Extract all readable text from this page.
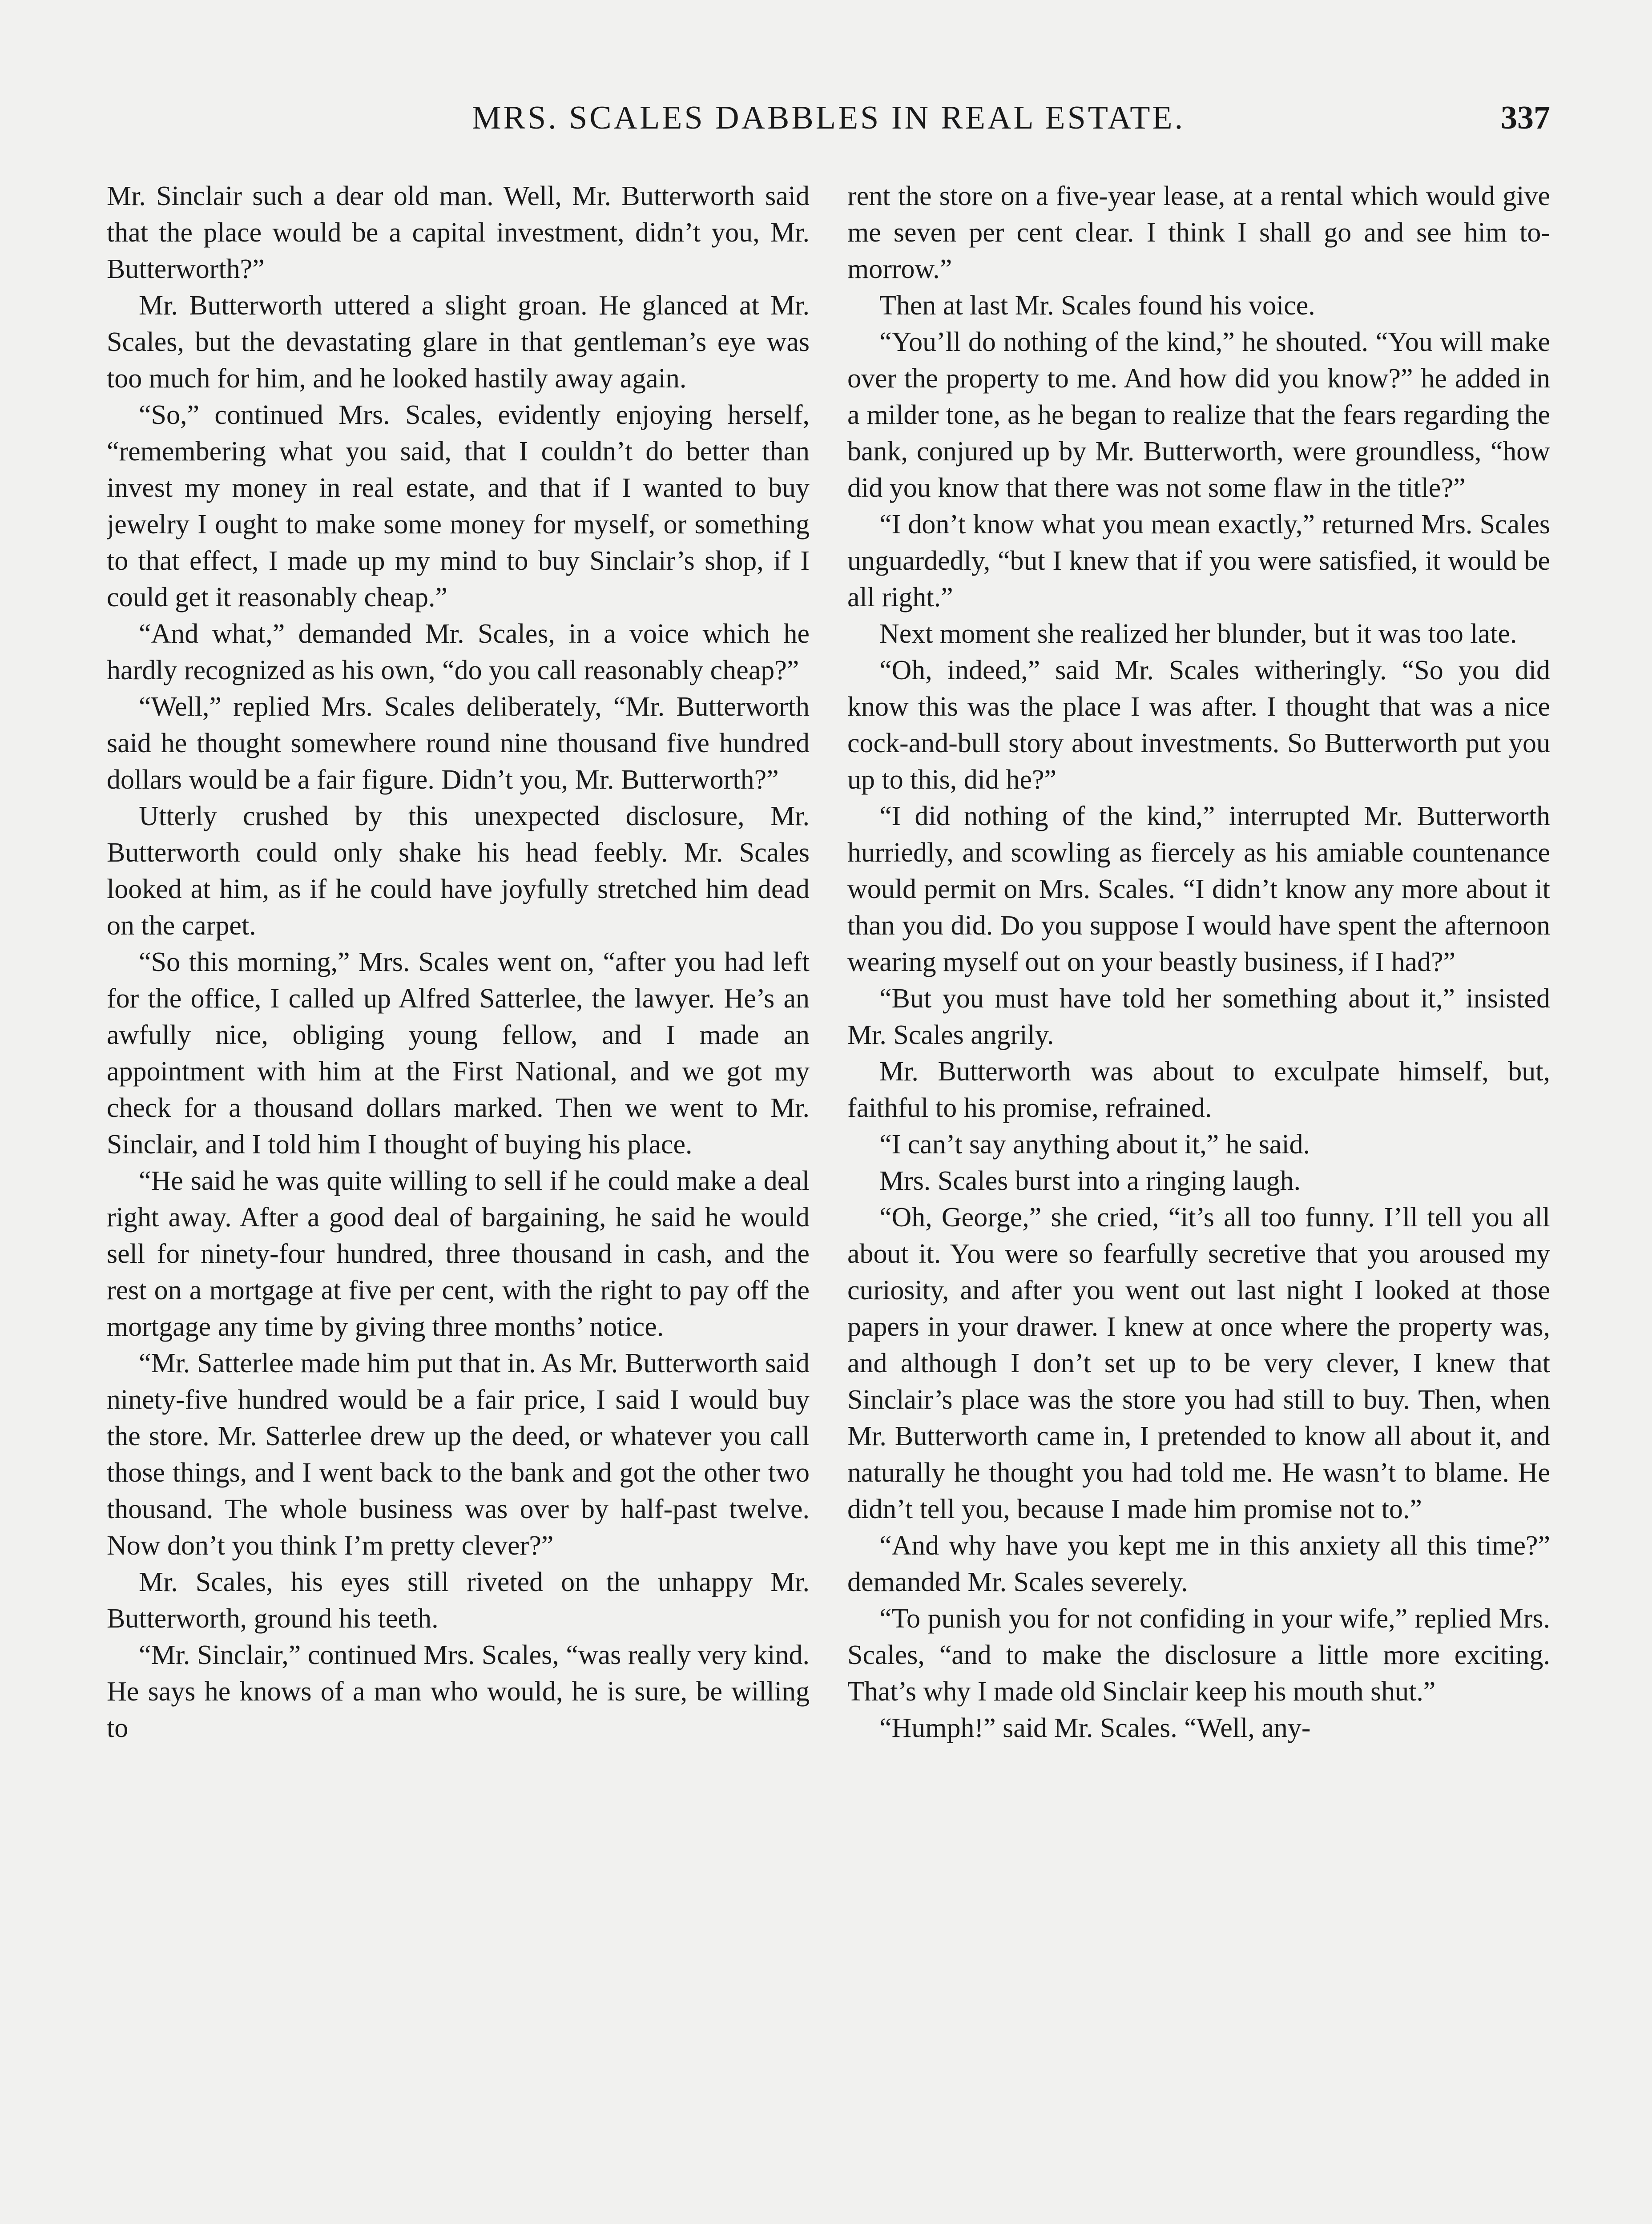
MRS. SCALES DABBLES IN REAL ESTATE.	337

Mr. Sinclair such a dear old man. Well, Mr. Butterworth said that the place would be a capital investment, didn’t you, Mr. Butterworth?”

Mr. Butterworth uttered a slight groan. He glanced at Mr. Scales, but the devastating glare in that gentleman’s eye was too much for him, and he looked hastily away again.

“So,” continued Mrs. Scales, evidently enjoying herself, “remembering what you said, that I couldn’t do better than invest my money in real estate, and that if I wanted to buy jewelry I ought to make some money for myself, or something to that effect, I made up my mind to buy Sinclair’s shop, if I could get it reasonably cheap.”

“And what,” demanded Mr. Scales, in a voice which he hardly recognized as his own, “do you call reasonably cheap?”

“Well,” replied Mrs. Scales deliberately, “Mr. Butterworth said he thought somewhere round nine thousand five hundred dollars would be a fair figure. Didn’t you, Mr. Butterworth?”

Utterly crushed by this unexpected disclosure, Mr. Butterworth could only shake his head feebly. Mr. Scales looked at him, as if he could have joyfully stretched him dead on the carpet.

“So this morning,” Mrs. Scales went on, “after you had left for the office, I called up Alfred Satterlee, the lawyer. He’s an awfully nice, obliging young fellow, and I made an appointment with him at the First National, and we got my check for a thousand dollars marked. Then we went to Mr. Sinclair, and I told him I thought of buying his place.

“He said he was quite willing to sell if he could make a deal right away. After a good deal of bargaining, he said he would sell for ninety-four hundred, three thousand in cash, and the rest on a mortgage at five per cent, with the right to pay off the mortgage any time by giving three months’ notice.

“Mr. Satterlee made him put that in. As Mr. Butterworth said ninety-five hundred would be a fair price, I said I would buy the store. Mr. Satterlee drew up the deed, or whatever you call those things, and I went back to the bank and got the other two thousand. The whole business was over by half-past twelve. Now don’t you think I’m pretty clever?”

Mr. Scales, his eyes still riveted on the unhappy Mr. Butterworth, ground his teeth.

“Mr. Sinclair,” continued Mrs. Scales, “was really very kind. He says he knows of a man who would, he is sure, be willing to

rent the store on a five-year lease, at a rental which would give me seven per cent clear. I think I shall go and see him to-morrow.”

Then at last Mr. Scales found his voice.

“You’ll do nothing of the kind,” he shouted. “You will make over the property to me. And how did you know?” he added in a milder tone, as he began to realize that the fears regarding the bank, conjured up by Mr. Butterworth, were groundless, “how did you know that there was not some flaw in the title?”

“I don’t know what you mean exactly,” returned Mrs. Scales unguardedly, “but I knew that if you were satisfied, it would be all right.”

Next moment she realized her blunder, but it was too late.

“Oh, indeed,” said Mr. Scales witheringly. “So you did know this was the place I was after. I thought that was a nice cock-and-bull story about investments. So Butterworth put you up to this, did he?”

“I did nothing of the kind,” interrupted Mr. Butterworth hurriedly, and scowling as fiercely as his amiable countenance would permit on Mrs. Scales. “I didn’t know any more about it than you did. Do you suppose I would have spent the afternoon wearing myself out on your beastly business, if I had?”

“But you must have told her something about it,” insisted Mr. Scales angrily.

Mr. Butterworth was about to exculpate himself, but, faithful to his promise, refrained.

“I can’t say anything about it,” he said.

Mrs. Scales burst into a ringing laugh.

“Oh, George,” she cried, “it’s all too funny. I’ll tell you all about it. You were so fearfully secretive that you aroused my curiosity, and after you went out last night I looked at those papers in your drawer. I knew at once where the property was, and although I don’t set up to be very clever, I knew that Sinclair’s place was the store you had still to buy. Then, when Mr. Butterworth came in, I pretended to know all about it, and naturally he thought you had told me. He wasn’t to blame. He didn’t tell you, because I made him promise not to.”

“And why have you kept me in this anxiety all this time?” demanded Mr. Scales severely.

“To punish you for not confiding in your wife,” replied Mrs. Scales, “and to make the disclosure a little more exciting. That’s why I made old Sinclair keep his mouth shut.”

“Humph!” said Mr. Scales. “Well, any-
